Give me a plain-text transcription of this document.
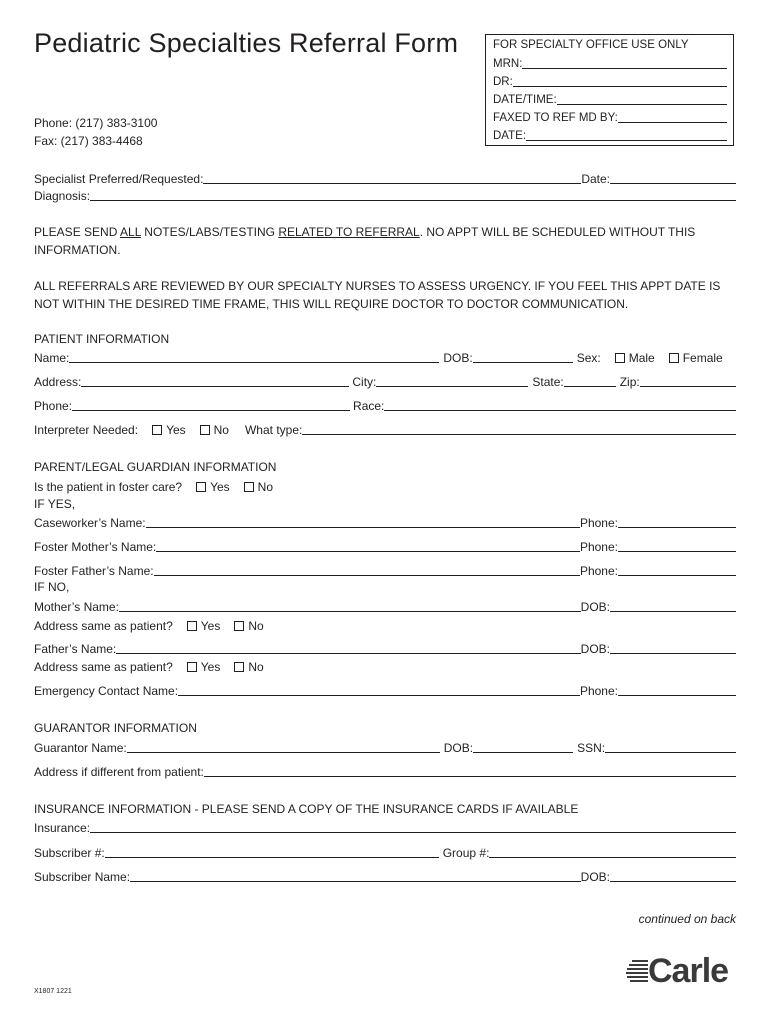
Pediatric Specialties Referral Form
Phone: (217) 383-3100
Fax: (217) 383-4468
FOR SPECIALTY OFFICE USE ONLY
MRN:
DR:
DATE/TIME:
FAXED TO REF MD BY:
DATE:
Specialist Preferred/Requested:	Date:
Diagnosis:
PLEASE SEND ALL NOTES/LABS/TESTING RELATED TO REFERRAL. NO APPT WILL BE SCHEDULED WITHOUT THIS INFORMATION.
ALL REFERRALS ARE REVIEWED BY OUR SPECIALTY NURSES TO ASSESS URGENCY. IF YOU FEEL THIS APPT DATE IS NOT WITHIN THE DESIRED TIME FRAME, THIS WILL REQUIRE DOCTOR TO DOCTOR COMMUNICATION.
PATIENT INFORMATION
Name:	DOB:	Sex:	Male	Female
Address:	City:	State:	Zip:
Phone:	Race:
Interpreter Needed:	Yes	No What type:
PARENT/LEGAL GUARDIAN INFORMATION
Is the patient in foster care?	Yes	No
IF YES,
Caseworker’s Name:	Phone:
Foster Mother’s Name:	Phone:
Foster Father’s Name:	Phone:
IF NO,
Mother’s Name:	DOB:
Address same as patient?	Yes	No
Father’s Name:	DOB:
Address same as patient?	Yes	No
Emergency Contact Name:	Phone:
GUARANTOR INFORMATION
Guarantor Name:	DOB:	SSN:
Address if different from patient:
INSURANCE INFORMATION - PLEASE SEND A COPY OF THE INSURANCE CARDS IF AVAILABLE
Insurance:
Subscriber #:	Group #:
Subscriber Name:	DOB:
continued on back
X1807 1221
Carle
